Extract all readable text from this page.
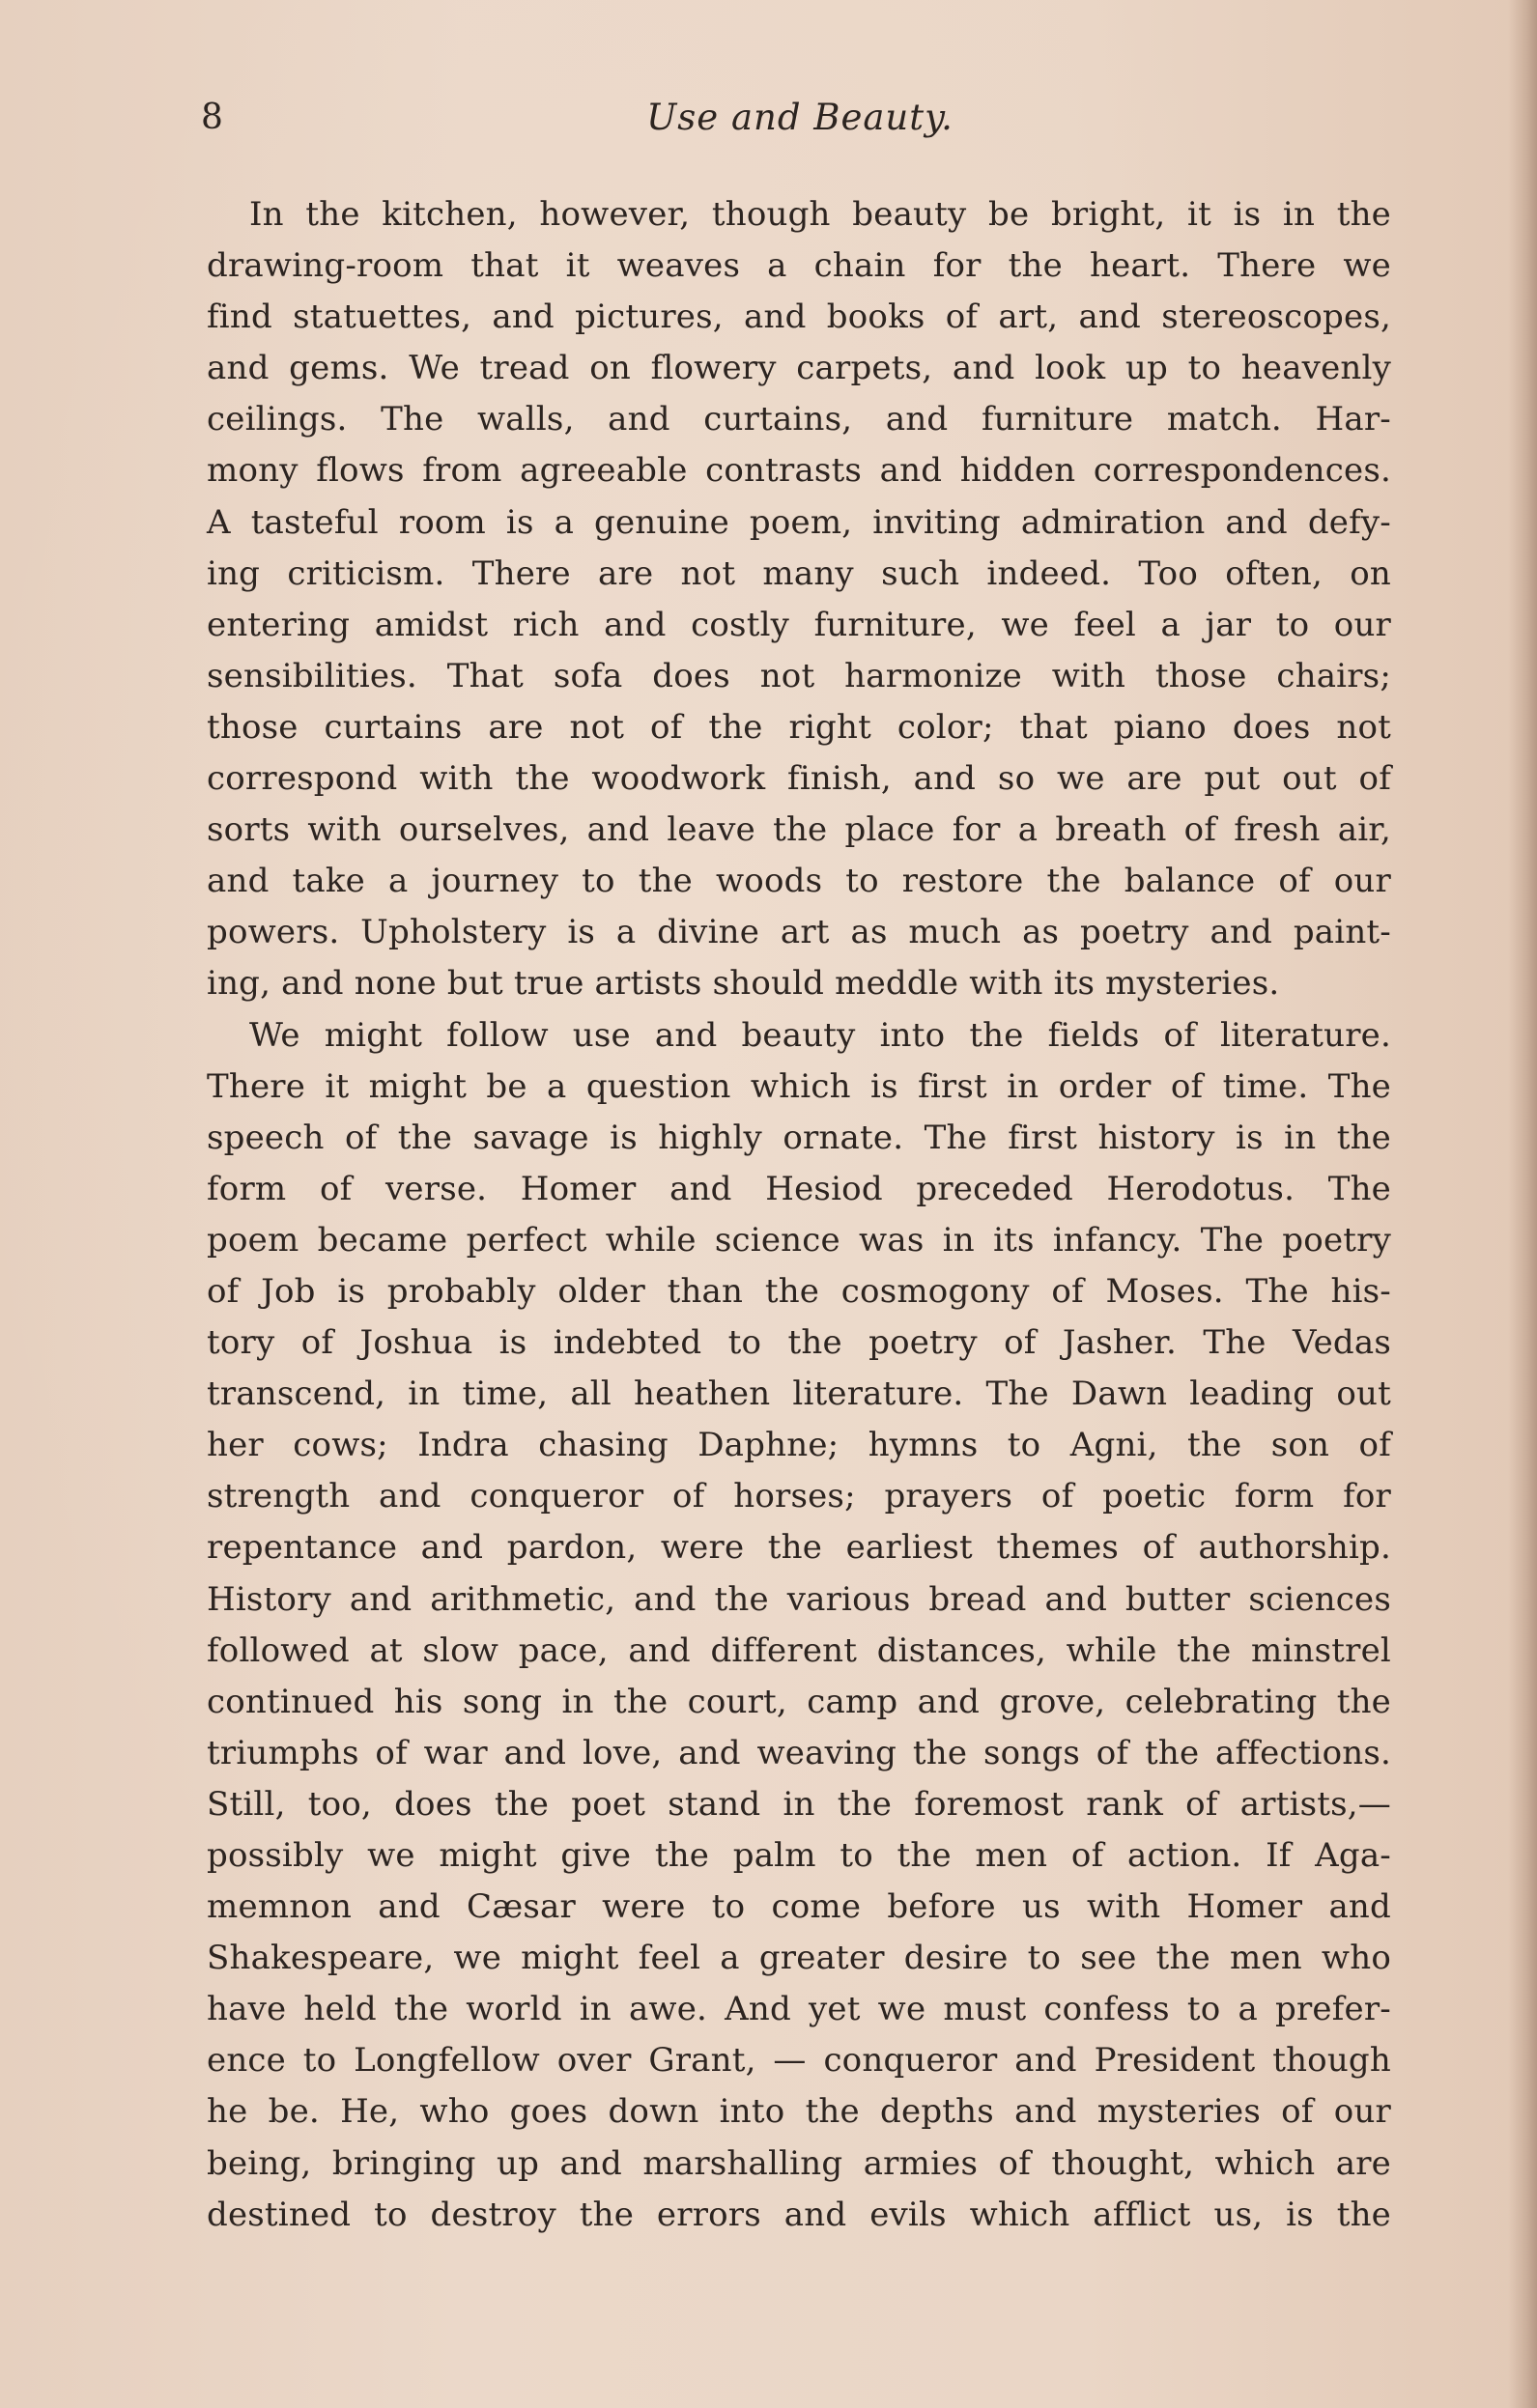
8	Use and Beauty.
In the kitchen, however, though beauty be bright, it is in the
drawing-room that it weaves a chain for the heart. There we
find statuettes, and pictures, and books of art, and stereoscopes,
and gems. We tread on flowery carpets, and look up to heavenly
ceilings. The walls, and curtains, and furniture match. Har-
mony flows from agreeable contrasts and hidden correspondences.
A tasteful room is a genuine poem, inviting admiration and defy-
ing criticism. There are not many such indeed. Too often, on
entering amidst rich and costly furniture, we feel a jar to our
sensibilities. That sofa does not harmonize with those chairs;
those curtains are not of the right color; that piano does not
correspond with the woodwork finish, and so we are put out of
sorts with ourselves, and leave the place for a breath of fresh air,
and take a journey to the woods to restore the balance of our
powers. Upholstery is a divine art as much as poetry and paint-
ing, and none but true artists should meddle with its mysteries.
We might follow use and beauty into the fields of literature.
There it might be a question which is first in order of time. The
speech of the savage is highly ornate. The first history is in the
form of verse. Homer and Hesiod preceded Herodotus. The
poem became perfect while science was in its infancy. The poetry
of Job is probably older than the cosmogony of Moses. The his-
tory of Joshua is indebted to the poetry of Jasher. The Vedas
transcend, in time, all heathen literature. The Dawn leading out
her cows; Indra chasing Daphne; hymns to Agni, the son of
strength and conqueror of horses; prayers of poetic form for
repentance and pardon, were the earliest themes of authorship.
History and arithmetic, and the various bread and butter sciences
followed at slow pace, and different distances, while the minstrel
continued his song in the court, camp and grove, celebrating the
triumphs of war and love, and weaving the songs of the affections.
Still, too, does the poet stand in the foremost rank of artists,—
possibly we might give the palm to the men of action. If Aga-
memnon and Cæsar were to come before us with Homer and
Shakespeare, we might feel a greater desire to see the men who
have held the world in awe. And yet we must confess to a prefer-
ence to Longfellow over Grant, — conqueror and President though
he be. He, who goes down into the depths and mysteries of our
being, bringing up and marshalling armies of thought, which are
destined to destroy the errors and evils which afflict us, is the
